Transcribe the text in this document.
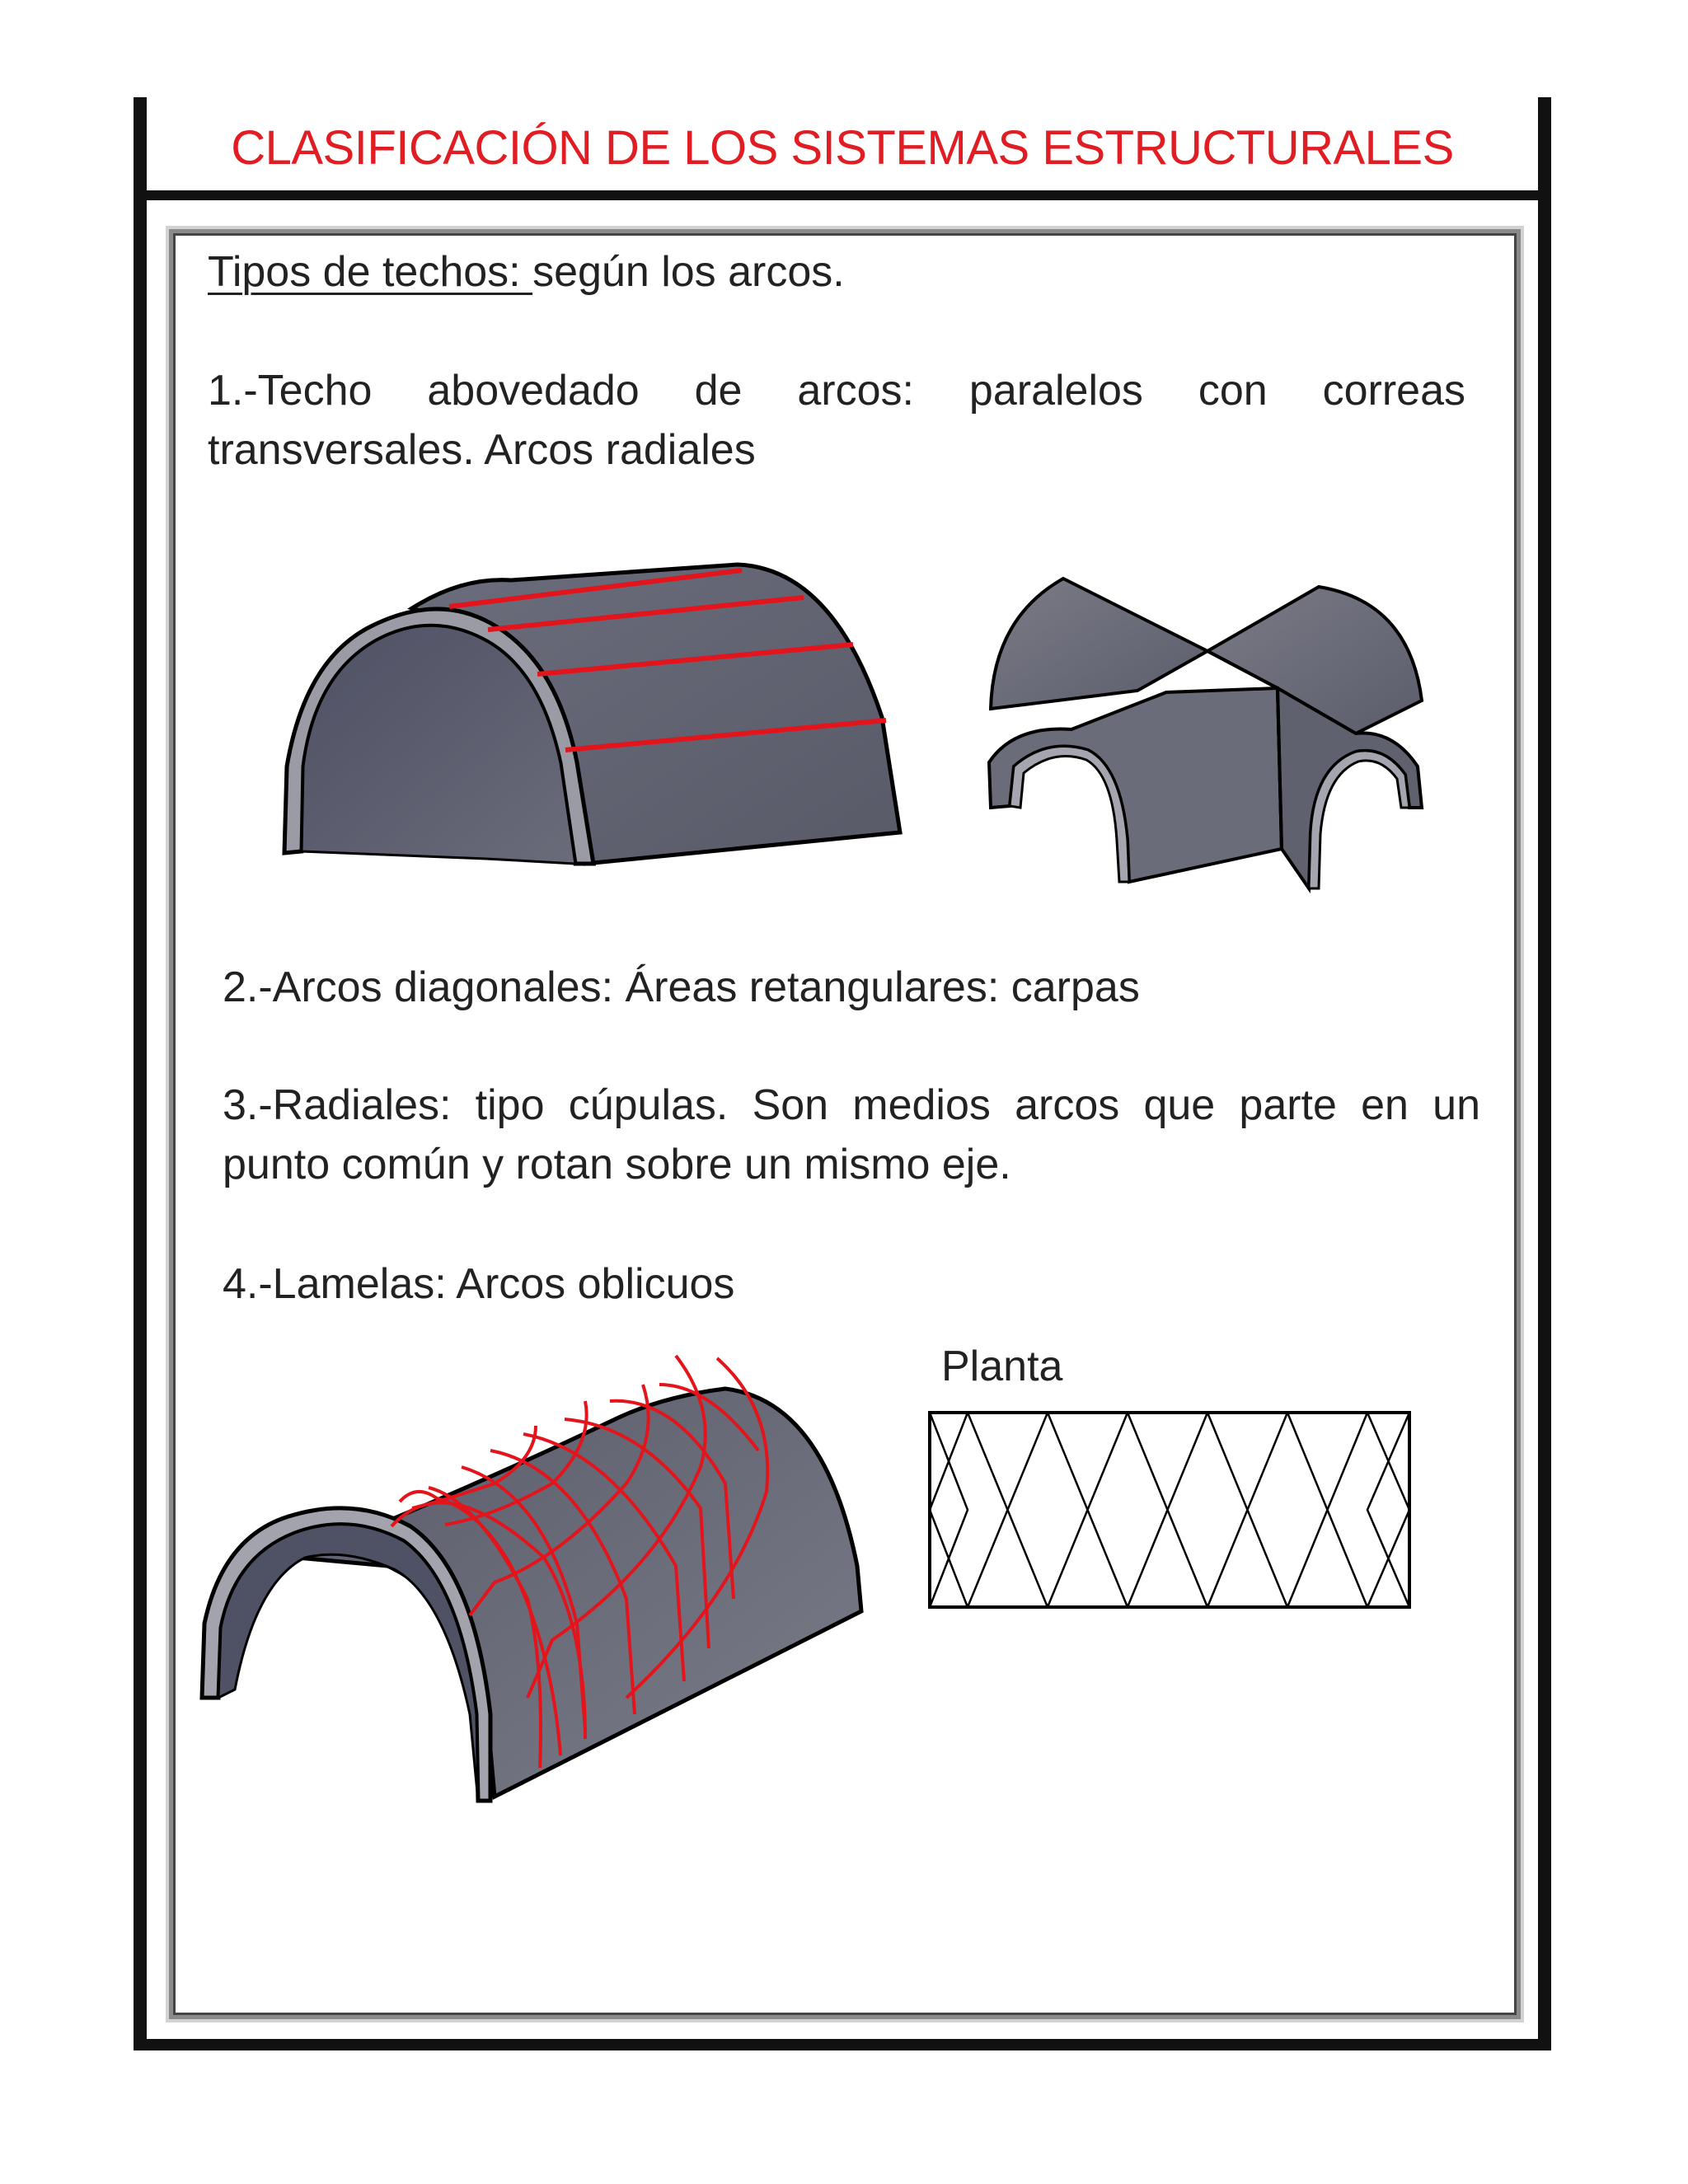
CLASIFICACIÓN DE LOS SISTEMAS ESTRUCTURALES
Tipos de techos: según los arcos.
1.-Techo abovedado de arcos: paralelos con correas
transversales. Arcos radiales
2.-Arcos diagonales: Áreas retangulares: carpas
3.-Radiales: tipo cúpulas. Son medios arcos que parte en un
punto común y rotan sobre un mismo eje.
4.-Lamelas: Arcos oblicuos
Planta
